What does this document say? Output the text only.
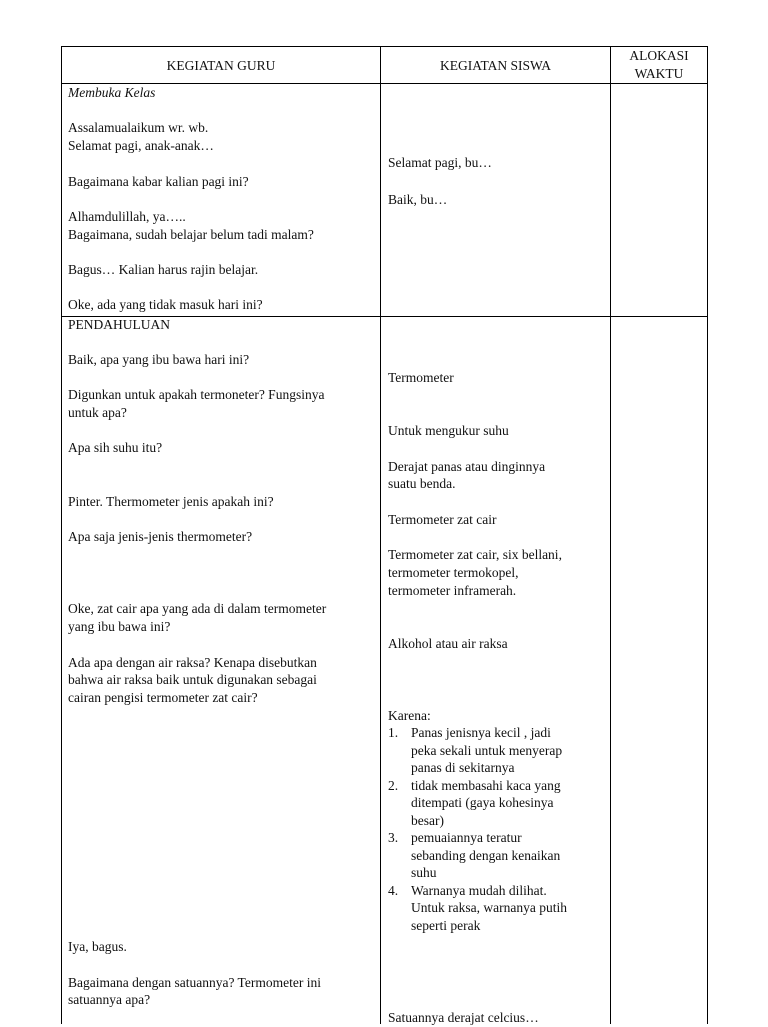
KEGIATAN GURU	KEGIATAN SISWA
ALOKASI
WAKTU
Membuka Kelas
Assalamualaikum wr. wb.
Selamat pagi, anak-anak…
Bagaimana kabar kalian pagi ini?
Alhamdulillah, ya…..
Bagaimana, sudah belajar belum tadi malam?
Bagus… Kalian harus rajin belajar.
Oke, ada yang tidak masuk hari ini?
Selamat pagi, bu…
Baik, bu…
PENDAHULUAN
Baik, apa yang ibu bawa hari ini?
Digunkan untuk apakah termoneter? Fungsinya
untuk apa?
Apa sih suhu itu?
Pinter. Thermometer jenis apakah ini?
Apa saja jenis-jenis thermometer?
Oke, zat cair apa yang ada di dalam termometer
yang ibu bawa ini?
Ada apa dengan air raksa? Kenapa disebutkan
bahwa air raksa baik untuk digunakan sebagai
cairan pengisi termometer zat cair?
Iya, bagus.
Bagaimana dengan satuannya? Termometer ini
satuannya apa?
Termometer
Untuk mengukur suhu
Derajat panas atau dinginnya
suatu benda.
Termometer zat cair
Termometer zat cair, six bellani,
termometer termokopel,
termometer inframerah.
Alkohol atau air raksa
Karena:
1. Panas jenisnya kecil , jadi
peka sekali untuk menyerap
panas di sekitarnya
2. tidak membasahi kaca yang
ditempati (gaya kohesinya
besar)
3. pemuaiannya teratur
sebanding dengan kenaikan
suhu
4. Warnanya mudah dilihat.
Untuk raksa, warnanya putih
seperti perak
Satuannya derajat celcius…
